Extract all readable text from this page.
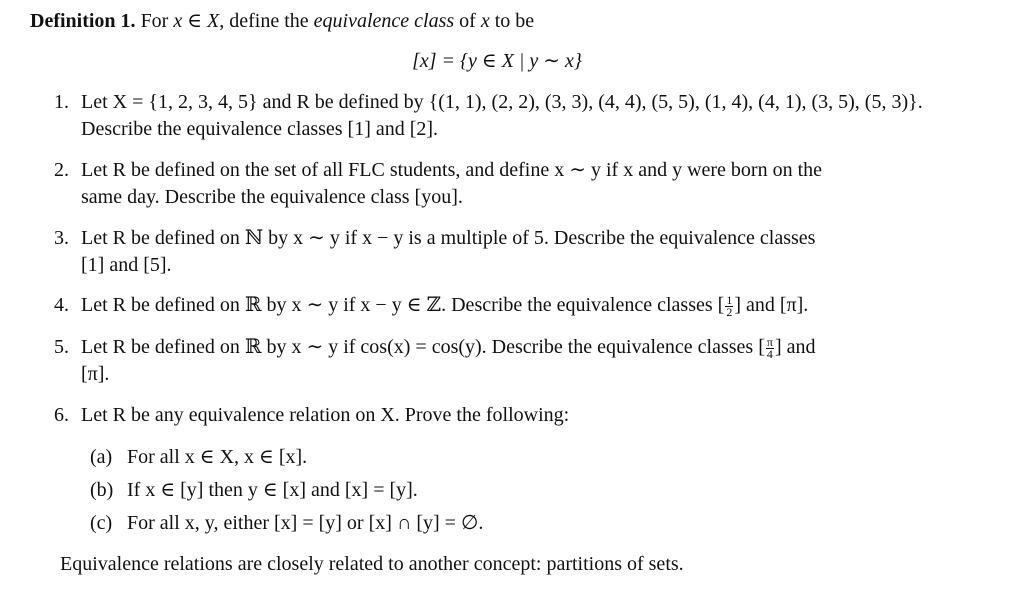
Definition 1. For x ∈ X, define the equivalence class of x to be
[x] = {y ∈ X | y ∼ x}
1. Let X = {1, 2, 3, 4, 5} and R be defined by {(1, 1), (2, 2), (3, 3), (4, 4), (5, 5), (1, 4), (4, 1), (3, 5), (5, 3)}.
Describe the equivalence classes [1] and [2].
2. Let R be defined on the set of all FLC students, and define x ∼ y if x and y were born on the
same day. Describe the equivalence class [you].
3. Let R be defined on ℕ by x ∼ y if x − y is a multiple of 5. Describe the equivalence classes
[1] and [5].
4. Let R be defined on ℝ by x ∼ y if x − y ∈ ℤ. Describe the equivalence classes [ $\frac{1}{2}$ ] and [π].
5. Let R be defined on ℝ by x ∼ y if cos(x) = cos(y). Describe the equivalence classes [ $\frac{\pi}{4}$ ] and
[π].
6. Let R be any equivalence relation on X. Prove the following:
(a) For all x ∈ X, x ∈ [x].
(b) If x ∈ [y] then y ∈ [x] and [x] = [y].
(c) For all x, y, either [x] = [y] or [x] ∩ [y] = ∅.
Equivalence relations are closely related to another concept: partitions of sets.
